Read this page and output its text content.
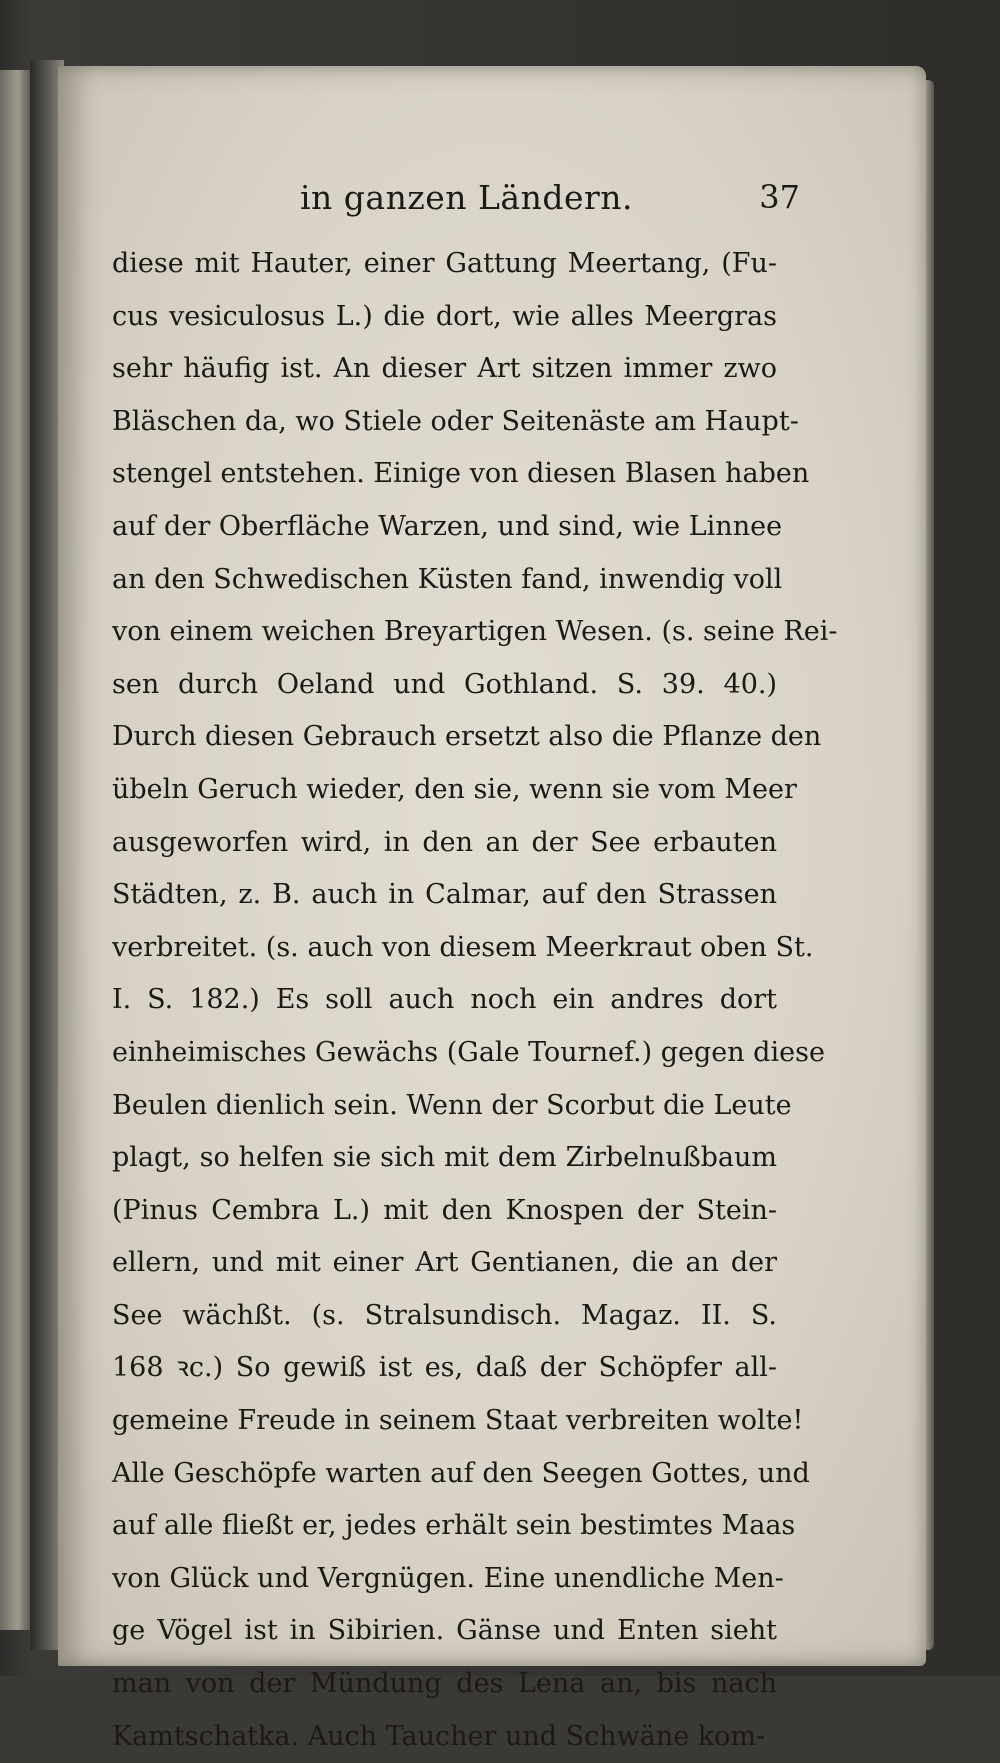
in ganzen Ländern.	37
diese mit Hauter, einer Gattung Meertang, (Fu-
cus vesiculosus L.) die dort, wie alles Meergras
sehr häufig ist. An dieser Art sitzen immer zwo
Bläschen da, wo Stiele oder Seitenäste am Haupt-
stengel entstehen. Einige von diesen Blasen haben
auf der Oberfläche Warzen, und sind, wie Linnee
an den Schwedischen Küsten fand, inwendig voll
von einem weichen Breyartigen Wesen. (s. seine Rei-
sen durch Oeland und Gothland. S. 39. 40.)
Durch diesen Gebrauch ersetzt also die Pflanze den
übeln Geruch wieder, den sie, wenn sie vom Meer
ausgeworfen wird, in den an der See erbauten
Städten, z. B. auch in Calmar, auf den Strassen
verbreitet. (s. auch von diesem Meerkraut oben St.
I. S. 182.) Es soll auch noch ein andres dort
einheimisches Gewächs (Gale Tournef.) gegen diese
Beulen dienlich sein. Wenn der Scorbut die Leute
plagt, so helfen sie sich mit dem Zirbelnußbaum
(Pinus Cembra L.) mit den Knospen der Stein-
ellern, und mit einer Art Gentianen, die an der
See wächßt. (s. Stralsundisch. Magaz. II. S.
168 ꝛc.) So gewiß ist es, daß der Schöpfer all-
gemeine Freude in seinem Staat verbreiten wolte!
Alle Geschöpfe warten auf den Seegen Gottes, und
auf alle fließt er, jedes erhält sein bestimtes Maas
von Glück und Vergnügen. Eine unendliche Men-
ge Vögel ist in Sibirien. Gänse und Enten sieht
man von der Mündung des Lena an, bis nach
Kamtschatka. Auch Taucher und Schwäne kom-
